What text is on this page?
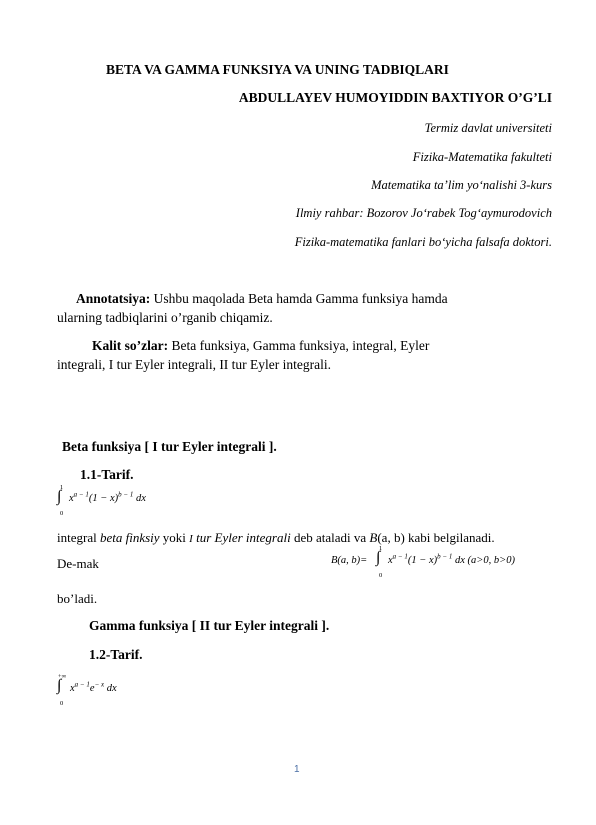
BETA VA GAMMA FUNKSIYA VA UNING TADBIQLARI
ABDULLAYEV HUMOYIDDIN BAXTIYOR O’G’LI
Termiz davlat universiteti
Fizika-Matematika fakulteti
Matematika ta’lim yo‘nalishi 3-kurs
Ilmiy rahbar: Bozorov Jo‘rabek Tog‘aymurodovich
Fizika-matematika fanlari bo‘yicha falsafa doktori.
Annotatsiya: Ushbu maqolada Beta hamda Gamma funksiya hamda
ularning tadbiqlarini o’rganib chiqamiz.
Kalit so’zlar: Beta funksiya, Gamma funksiya, integral, Eyler
integrali, I tur Eyler integrali, II tur Eyler integrali.
Beta funksiya [ I tur Eyler integrali ].
1.1-Tarif.
1
∫
0
$x^{a - 1}(1 - x)^{b - 1}$ dx
integral beta finksiy yoki I tur Eyler integrali deb ataladi va B(a, b) kabi belgilanadi.
De-mak	B(a, b)=
1
∫
0
$x^{a - 1}(1 - x)^{b - 1}$ dx (a>0, b>0)
bo’ladi.
Gamma funksiya [ II tur Eyler integrali ].
1.2-Tarif.
+∞
∫
0
$x^{a - 1}e^{- x}$ dx
1
